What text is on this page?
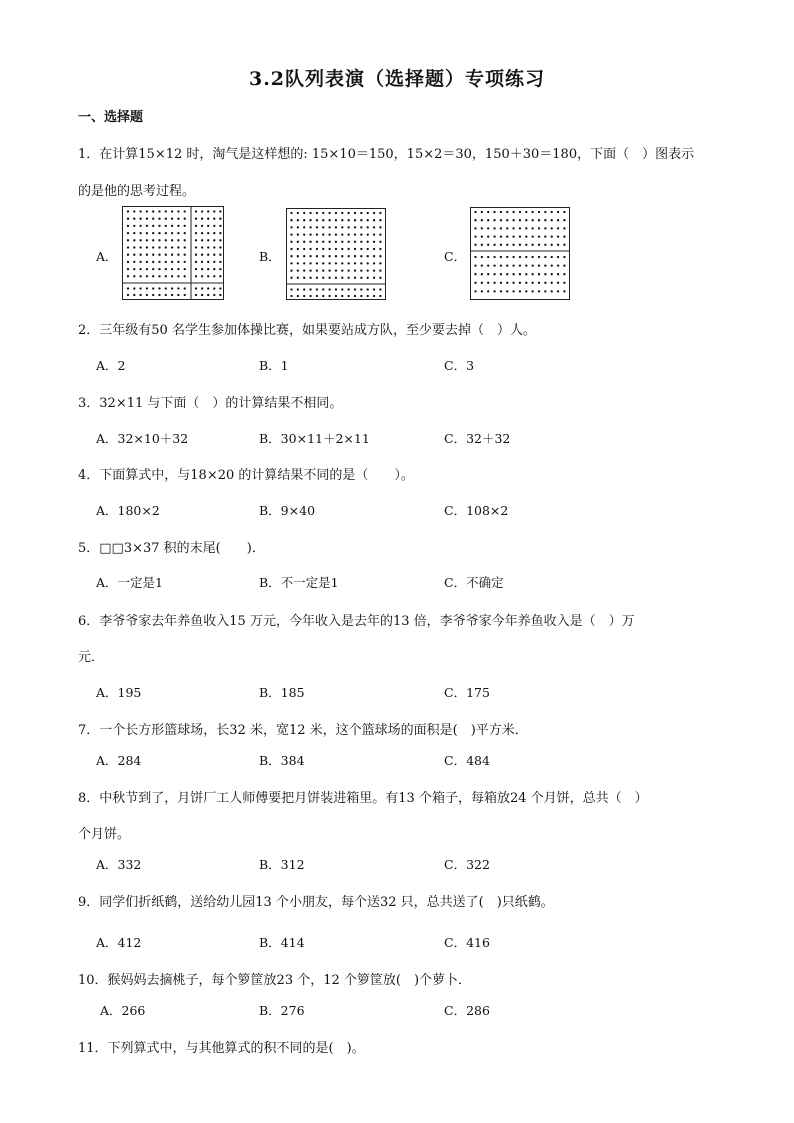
3.2队列表演（选择题）专项练习
一、选择题
1．在计算15×12 时，淘气是这样想的: 15×10＝150，15×2＝30，150＋30＝180，下面（　）图表示
的是他的思考过程。
A．	B．	C．
2．三年级有50 名学生参加体操比赛，如果要站成方队，至少要去掉（　）人。
A．2	B．1	C．3
3．32×11 与下面（　）的计算结果不相同。
A．32×10＋32	B．30×11＋2×11	C．32＋32
4．下面算式中，与18×20 的计算结果不同的是（　　）。
A．180×2	B．9×40	C．108×2
5．□□3×37 积的末尾(　　)．
A．一定是1	B．不一定是1	C．不确定
6．李爷爷家去年养鱼收入15 万元，今年收入是去年的13 倍，李爷爷家今年养鱼收入是（　）万
元．
A．195	B．185	C．175
7．一个长方形篮球场，长32 米，宽12 米，这个篮球场的面积是(　)平方米．
A．284	B．384	C．484
8．中秋节到了，月饼厂工人师傅要把月饼装进箱里。有13 个箱子，每箱放24 个月饼，总共（　）
个月饼。
A．332	B．312	C．322
9．同学们折纸鹤，送给幼儿园13 个小朋友，每个送32 只，总共送了(　)只纸鹤。
A．412	B．414	C．416
10．猴妈妈去摘桃子，每个箩筐放23 个，12 个箩筐放(　)个萝卜．
A．266	B．276	C．286
11．下列算式中，与其他算式的积不同的是(　)。
